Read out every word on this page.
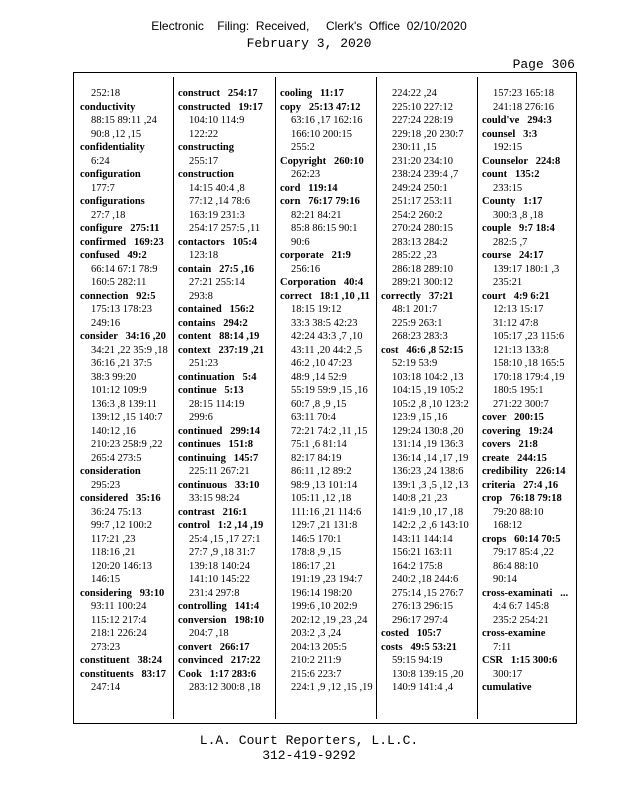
Electronic    Filing:  Received,     Clerk's  Office  02/10/2020
February 3, 2020
Page 306
252:18
conductivity
88:15 89:11 ,24
90:8 ,12 ,15
confidentiality
6:24
configuration
177:7
configurations
27:7 ,18
configure   275:11
confirmed   169:23
confused   49:2
66:14 67:1 78:9
160:5 282:11
connection   92:5
175:13 178:23
249:16
consider   34:16 ,20
34:21 ,22 35:9 ,18
36:16 ,21 37:5
38:3 99:20
101:12 109:9
136:3 ,8 139:11
139:12 ,15 140:7
140:12 ,16
210:23 258:9 ,22
265:4 273:5
consideration
295:23
considered   35:16
36:24 75:13
99:7 ,12 100:2
117:21 ,23
118:16 ,21
120:20 146:13
146:15
considering   93:10
93:11 100:24
115:12 217:4
218:1 226:24
273:23
constituent   38:24
constituents   83:17
247:14
construct   254:17
constructed   19:17
104:10 114:9
122:22
constructing
255:17
construction
14:15 40:4 ,8
77:12 ,14 78:6
163:19 231:3
254:17 257:5 ,11
contactors   105:4
123:18
contain   27:5 ,16
27:21 255:14
293:8
contained   156:2
contains   294:2
content   88:14 ,19
context   237:19 ,21
251:23
continuation   5:4
continue   5:13
28:15 114:19
299:6
continued   299:14
continues   151:8
continuing   145:7
225:11 267:21
continuous   33:10
33:15 98:24
contrast   216:1
control   1:2 ,14 ,19
25:4 ,15 ,17 27:1
27:7 ,9 ,18 31:7
139:18 140:24
141:10 145:22
231:4 297:8
controlling   141:4
conversion   198:10
204:7 ,18
convert   266:17
convinced   217:22
Cook   1:17 283:6
283:12 300:8 ,18
cooling   11:17
copy   25:13 47:12
63:16 ,17 162:16
166:10 200:15
255:2
Copyright   260:10
262:23
cord   119:14
corn   76:17 79:16
82:21 84:21
85:8 86:15 90:1
90:6
corporate   21:9
256:16
Corporation   40:4
correct   18:1 ,10 ,11
18:15 19:12
33:3 38:5 42:23
42:24 43:3 ,7 ,10
43:11 ,20 44:2 ,5
46:2 ,10 47:23
48:9 ,14 52:9
55:19 59:9 ,15 ,16
60:7 ,8 ,9 ,15
63:11 70:4
72:21 74:2 ,11 ,15
75:1 ,6 81:14
82:17 84:19
86:11 ,12 89:2
98:9 ,13 101:14
105:11 ,12 ,18
111:16 ,21 114:6
129:7 ,21 131:8
146:5 170:1
178:8 ,9 ,15
186:17 ,21
191:19 ,23 194:7
196:14 198:20
199:6 ,10 202:9
202:12 ,19 ,23 ,24
203:2 ,3 ,24
204:13 205:5
210:2 211:9
215:6 223:7
224:1 ,9 ,12 ,15 ,19
224:22 ,24
225:10 227:12
227:24 228:19
229:18 ,20 230:7
230:11 ,15
231:20 234:10
238:24 239:4 ,7
249:24 250:1
251:17 253:11
254:2 260:2
270:24 280:15
283:13 284:2
285:22 ,23
286:18 289:10
289:21 300:12
correctly   37:21
48:1 201:7
225:9 263:1
268:23 283:3
cost   46:6 ,8 52:15
52:19 53:9
103:18 104:2 ,13
104:15 ,19 105:2
105:2 ,8 ,10 123:2
123:9 ,15 ,16
129:24 130:8 ,20
131:14 ,19 136:3
136:14 ,14 ,17 ,19
136:23 ,24 138:6
139:1 ,3 ,5 ,12 ,13
140:8 ,21 ,23
141:9 ,10 ,17 ,18
142:2 ,2 ,6 143:10
143:11 144:14
156:21 163:11
164:2 175:8
240:2 ,18 244:6
275:14 ,15 276:7
276:13 296:15
296:17 297:4
costed   105:7
costs   49:5 53:21
59:15 94:19
130:8 139:15 ,20
140:9 141:4 ,4
157:23 165:18
241:18 276:16
could've   294:3
counsel   3:3
192:15
Counselor   224:8
count   135:2
233:15
County   1:17
300:3 ,8 ,18
couple   9:7 18:4
282:5 ,7
course   24:17
139:17 180:1 ,3
235:21
court   4:9 6:21
12:13 15:17
31:12 47:8
105:17 ,23 115:6
121:13 133:8
158:10 ,18 165:5
170:18 179:4 ,19
180:5 195:1
271:22 300:7
cover   200:15
covering   19:24
covers   21:8
create   244:15
credibility   226:14
criteria   27:4 ,16
crop   76:18 79:18
79:20 88:10
168:12
crops   60:14 70:5
79:17 85:4 ,22
86:4 88:10
90:14
cross-examinati   ...
4:4 6:7 145:8
235:2 254:21
cross-examine
7:11
CSR   1:15 300:6
300:17
cumulative
L.A. Court Reporters, L.L.C.
312-419-9292
